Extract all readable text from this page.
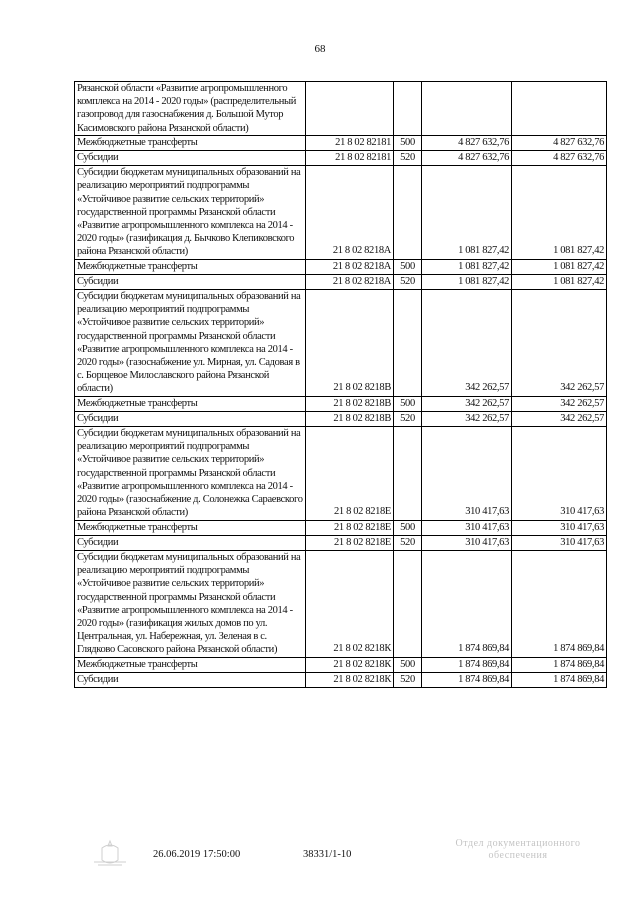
68
Рязанской области «Развитие агропромышленного комплекса на 2014 - 2020 годы» (распределительный газопровод для газоснабжения д. Большой Мутор Касимовского района Рязанской области)				
Межбюджетные трансферты	21 8 02 82181	500	4 827 632,76	4 827 632,76
Субсидии	21 8 02 82181	520	4 827 632,76	4 827 632,76
Субсидии бюджетам муниципальных образований на реализацию мероприятий подпрограммы «Устойчивое развитие сельских территорий» государственной программы Рязанской области «Развитие агропромышленного комплекса на 2014 - 2020 годы» (газификация д. Бычково Клепиковского района Рязанской области)	21 8 02 8218А		1 081 827,42	1 081 827,42
Межбюджетные трансферты	21 8 02 8218А	500	1 081 827,42	1 081 827,42
Субсидии	21 8 02 8218А	520	1 081 827,42	1 081 827,42
Субсидии бюджетам муниципальных образований на реализацию мероприятий подпрограммы «Устойчивое развитие сельских территорий» государственной программы Рязанской области «Развитие агропромышленного комплекса на 2014 - 2020 годы» (газоснабжение ул. Мирная, ул. Садовая в с. Борщевое Милославского района Рязанской области)	21 8 02 8218В		342 262,57	342 262,57
Межбюджетные трансферты	21 8 02 8218В	500	342 262,57	342 262,57
Субсидии	21 8 02 8218В	520	342 262,57	342 262,57
Субсидии бюджетам муниципальных образований на реализацию мероприятий подпрограммы «Устойчивое развитие сельских территорий» государственной программы Рязанской области «Развитие агропромышленного комплекса на 2014 - 2020 годы» (газоснабжение д. Солонежка Сараевского района Рязанской области)	21 8 02 8218Е		310 417,63	310 417,63
Межбюджетные трансферты	21 8 02 8218Е	500	310 417,63	310 417,63
Субсидии	21 8 02 8218Е	520	310 417,63	310 417,63
Субсидии бюджетам муниципальных образований на реализацию мероприятий подпрограммы «Устойчивое развитие сельских территорий» государственной программы Рязанской области «Развитие агропромышленного комплекса на 2014 - 2020 годы» (газификация жилых домов по ул. Центральная, ул. Набережная, ул. Зеленая в с. Глядково Сасовского района Рязанской области)	21 8 02 8218К		1 874 869,84	1 874 869,84
Межбюджетные трансферты	21 8 02 8218К	500	1 874 869,84	1 874 869,84
Субсидии	21 8 02 8218К	520	1 874 869,84	1 874 869,84
26.06.2019 17:50:00	38331/1-10
Отдел документационного
обеспечения
